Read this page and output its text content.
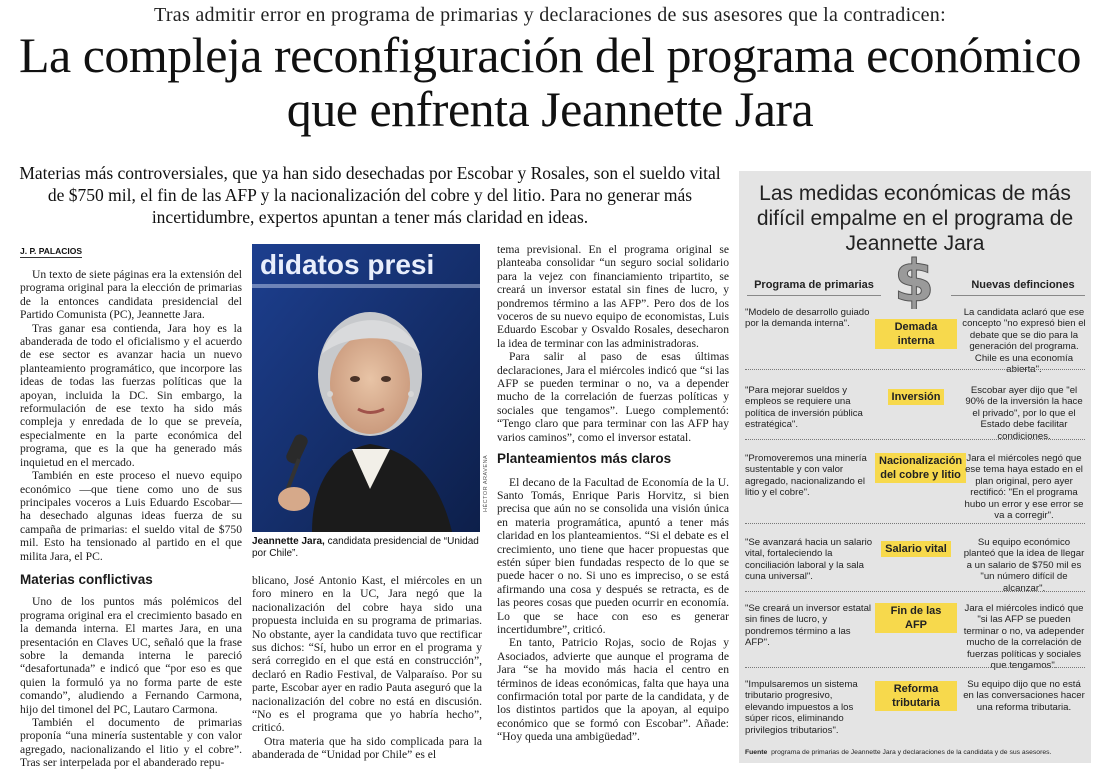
Tras admitir error en programa de primarias y declaraciones de sus asesores que la contradicen:
La compleja reconfiguración del programa económico que enfrenta Jeannette Jara
Materias más controversiales, que ya han sido desechadas por Escobar y Rosales, son el sueldo vital de $750 mil, el fin de las AFP y la nacionalización del cobre y del litio. Para no generar más incertidumbre, expertos apuntan a tener más claridad en ideas.
J. P. PALACIOS

Un texto de siete páginas era la extensión del programa original para la elección de primarias de la entonces candidata presidencial del Partido Comunista (PC), Jeannette Jara.

Tras ganar esa contienda, Jara hoy es la abanderada de todo el oficialismo y el acuerdo de ese sector es avanzar hacia un nuevo planteamiento programático, que incorpore las ideas de todas las fuerzas políticas que la apoyan, incluida la DC. Sin embargo, la reformulación de ese texto ha sido más compleja y enredada de lo que se preveía, especialmente en la parte económica del programa, que es la que ha generado más inquietud en el mercado.

También en este proceso el nuevo equipo económico —que tiene como uno de sus principales voceros a Luis Eduardo Escobar— ha desechado algunas ideas fuerza de su campaña de primarias: el sueldo vital de $750 mil. Esto ha tensionado al partido en el que milita Jara, el PC.

Materias conflictivas

Uno de los puntos más polémicos del programa original era el crecimiento basado en la demanda interna. El martes Jara, en una presentación en Claves UC, señaló que la frase sobre la demanda interna le pareció “desafortunada” e indicó que “por eso es que quien la formuló ya no forma parte de este comando”, aludiendo a Fernando Carmona, hijo del timonel del PC, Lautaro Carmona.

También el documento de primarias proponía “una minería sustentable y con valor agregado, nacionalizando el litio y el cobre”. Tras ser interpelada por el abanderado repu-

didatos presi
HÉCTOR ARAVENA
Jeannette Jara, candidata presidencial de “Unidad por Chile”.

blicano, José Antonio Kast, el miércoles en un foro minero en la UC, Jara negó que la nacionalización del cobre haya sido una propuesta incluida en su programa de primarias. No obstante, ayer la candidata tuvo que rectificar sus dichos: “Sí, hubo un error en el programa y será corregido en el que está en construcción”, declaró en Radio Festival, de Valparaíso. Por su parte, Escobar ayer en radio Pauta aseguró que la nacionalización del cobre no está en discusión. “No es el programa que yo habría hecho”, criticó.

Otra materia que ha sido complicada para la abanderada de “Unidad por Chile” es el

tema previsional. En el programa original se planteaba consolidar “un seguro social solidario para la vejez con financiamiento tripartito, se creará un inversor estatal sin fines de lucro, y pondremos término a las AFP”. Pero dos de los voceros de su nuevo equipo de economistas, Luis Eduardo Escobar y Osvaldo Rosales, desecharon la idea de terminar con las administradoras.

Para salir al paso de esas últimas declaraciones, Jara el miércoles indicó que “si las AFP se pueden terminar o no, va a depender mucho de la correlación de fuerzas políticas y sociales que tengamos”. Luego complementó: “Tengo claro que para terminar con las AFP hay varios caminos”, como el inversor estatal.

Planteamientos más claros

El decano de la Facultad de Economía de la U. Santo Tomás, Enrique Paris Horvitz, si bien precisa que aún no se consolida una visión única en materia programática, apuntó a tener más claridad en los planteamientos. “Si el debate es el crecimiento, uno tiene que hacer propuestas que estén súper bien fundadas respecto de lo que se puede hacer o no. Si uno es impreciso, o se está afirmando una cosa y después se retracta, es de las peores cosas que pueden ocurrir en economía. Lo que se hace con eso es generar incertidumbre”, criticó.

En tanto, Patricio Rojas, socio de Rojas y Asociados, advierte que aunque el programa de Jara “se ha movido más hacia el centro en términos de ideas económicas, falta que haya una confirmación total por parte de la candidata, y de los distintos partidos que la apoyan, al equipo económico que se formó con Escobar”. Añade: “Hoy queda una ambigüedad”.

Las medidas económicas de más difícil empalme en el programa de Jeannette Jara
$
Programa de primarias	Nuevas definciones
"Modelo de desarrollo guiado por la demanda interna".	Demada interna
La candidata aclaró que ese concepto "no expresó bien el debate que se dio para la generación del programa. Chile es una economía abierta".
"Para mejorar sueldos y empleos se requiere una política de inversión pública estratégica".
Inversión
Escobar ayer dijo que "el 90% de la inversión la hace el privado", por lo que el Estado debe facilitar condiciones.
"Promoveremos una minería sustentable y con valor agregado, nacionalizando el litio y el cobre".
Nacionalización del cobre y litio
Jara el miércoles negó que ese tema haya estado en el plan original, pero ayer rectificó: "En el programa hubo un error y ese error se va a corregir".
"Se avanzará hacia un salario vital, fortaleciendo la conciliación laboral y la sala cuna universal".
Salario vital
Su equipo económico planteó que la idea de llegar a un salario de $750 mil es "un número difícil de alcanzar".
"Se creará un inversor estatal sin fines de lucro, y pondremos término a las AFP".
Fin de las AFP
Jara el miércoles indicó que "si las AFP se pueden terminar o no, va adepender mucho de la correlación de fuerzas políticas y sociales que tengamos".
"Impulsaremos un sistema tributario progresivo, elevando impuestos a los súper ricos, eliminando privilegios tributarios".
Reforma tributaria
Su equipo dijo que no está en las conversaciones hacer una reforma tributaria.
Fuente programa de primarias de Jeannette Jara y declaraciones de la candidata y de sus asesores.
